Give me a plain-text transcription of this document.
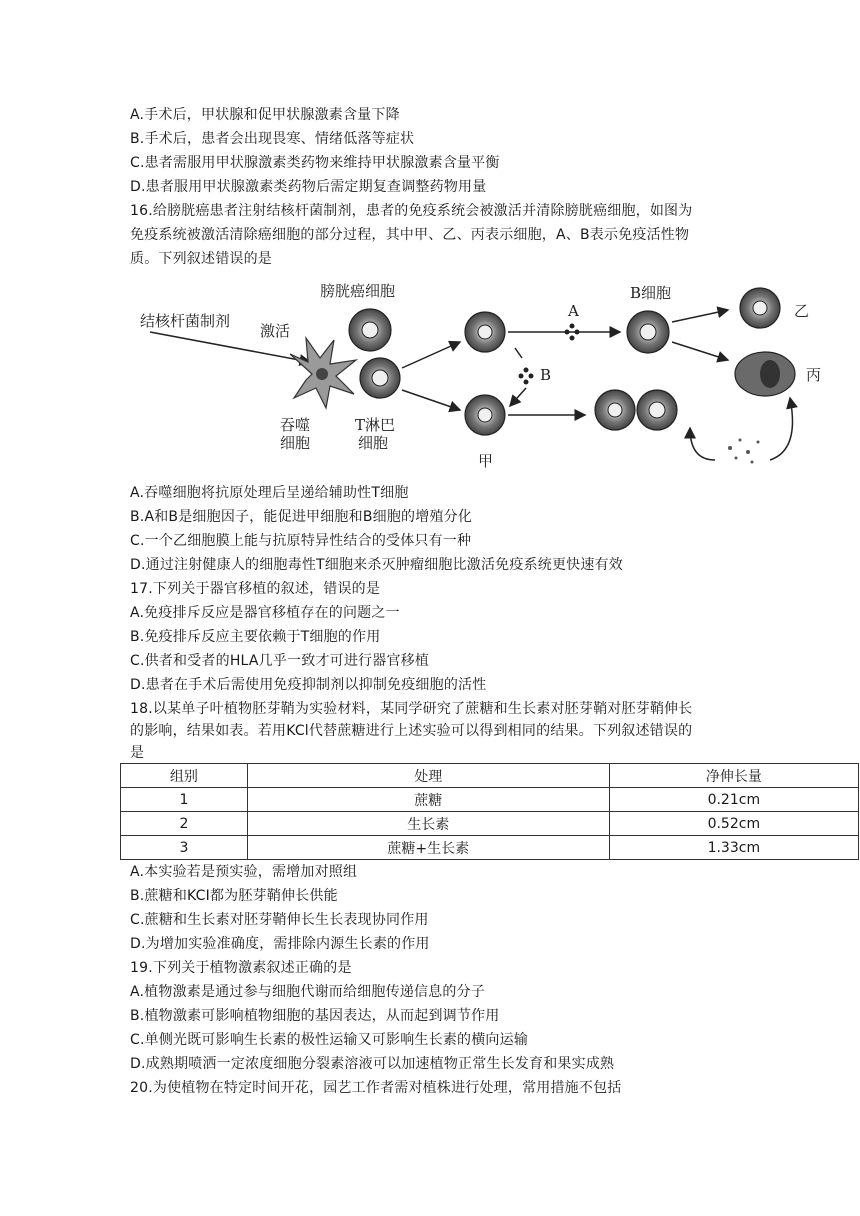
A.手术后，甲状腺和促甲状腺激素含量下降
B.手术后，患者会出现畏寒、情绪低落等症状
C.患者需服用甲状腺激素类药物来维持甲状腺激素含量平衡
D.患者服用甲状腺激素类药物后需定期复查调整药物用量
16.给膀胱癌患者注射结核杆菌制剂，患者的免疫系统会被激活并清除膀胱癌细胞，如图为
免疫系统被激活清除癌细胞的部分过程，其中甲、乙、丙表示细胞，A、B表示免疫活性物
质。下列叙述错误的是
结核杆菌制剂
激活
吞噬
细胞
膀胱癌细胞
T淋巴
细胞
甲
A
B
B细胞
乙
丙
A.吞噬细胞将抗原处理后呈递给辅助性T细胞
B.A和B是细胞因子，能促进甲细胞和B细胞的增殖分化
C.一个乙细胞膜上能与抗原特异性结合的受体只有一种
D.通过注射健康人的细胞毒性T细胞来杀灭肿瘤细胞比激活免疫系统更快速有效
17.下列关于器官移植的叙述，错误的是
A.免疫排斥反应是器官移植存在的问题之一
B.免疫排斥反应主要依赖于T细胞的作用
C.供者和受者的HLA几乎一致才可进行器官移植
D.患者在手术后需使用免疫抑制剂以抑制免疫细胞的活性
18.以某单子叶植物胚芽鞘为实验材料，某同学研究了蔗糖和生长素对胚芽鞘对胚芽鞘伸长
的影响，结果如表。若用KCl代替蔗糖进行上述实验可以得到相同的结果。下列叙述错误的
是
组别	处理	净伸长量
1	蔗糖	0.21cm
2	生长素	0.52cm
3	蔗糖+生长素	1.33cm
A.本实验若是预实验，需增加对照组
B.蔗糖和KCI都为胚芽鞘伸长供能
C.蔗糖和生长素对胚芽鞘伸长生长表现协同作用
D.为增加实验准确度，需排除内源生长素的作用
19.下列关于植物激素叙述正确的是
A.植物激素是通过参与细胞代谢而给细胞传递信息的分子
B.植物激素可影响植物细胞的基因表达，从而起到调节作用
C.单侧光既可影响生长素的极性运输又可影响生长素的横向运输
D.成熟期喷洒一定浓度细胞分裂素溶液可以加速植物正常生长发育和果实成熟
20.为使植物在特定时间开花，园艺工作者需对植株进行处理，常用措施不包括
